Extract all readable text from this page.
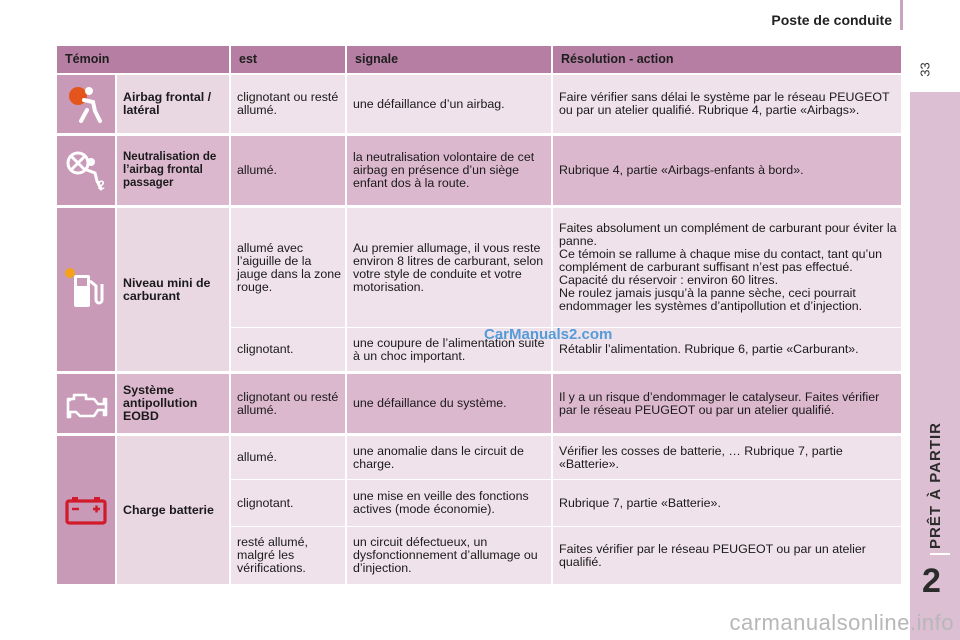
Poste de conduite
33
PRÊT À PARTIR
2
Témoin		est	signale	Résolution - action

	Airbag frontal / latéral	clignotant ou resté allumé.	une défaillance d’un airbag.	Faire vérifier sans délai le système par le réseau PEUGEOT ou par un atelier qualifié. Rubrique 4, partie «Airbags».

2	Neutralisation de l’airbag frontal passager	allumé.	la neutralisation volontaire de cet airbag en présence d’un siège enfant dos à la route.	Rubrique 4, partie «Airbags-enfants à bord».

	Niveau mini de carburant	allumé avec l’aiguille de la jauge dans la zone rouge.	Au premier allumage, il vous reste environ 8 litres de carburant, selon votre style de conduite et votre motorisation.	Faites absolument un complément de carburant pour éviter la panne.
Ce témoin se rallume à chaque mise du contact, tant qu’un complément de carburant suffisant n’est pas effectué.
Capacité du réservoir : environ 60 litres.
Ne roulez jamais jusqu’à la panne sèche, ceci pourrait endommager les systèmes d’antipollution et d’injection.
		clignotant.	une coupure de l’alimentation suite à un choc important.	Rétablir l’alimentation. Rubrique 6, partie «Carburant».

	Système antipollution EOBD	clignotant ou resté allumé.	une défaillance du système.	Il y a un risque d’endommager le catalyseur. Faites vérifier par le réseau PEUGEOT ou par un atelier qualifié.

	Charge batterie	allumé.	une anomalie dans le circuit de charge.	Vérifier les cosses de batterie, … Rubrique 7, partie «Batterie».
		clignotant.	une mise en veille des fonctions actives (mode économie).	Rubrique 7, partie «Batterie».
		resté allumé, malgré les vérifications.	un circuit défectueux, un dysfonctionnement d’allumage ou d’injection.	Faites vérifier par le réseau PEUGEOT ou par un atelier qualifié.
CarManuals2.com
carmanualsonline.info
